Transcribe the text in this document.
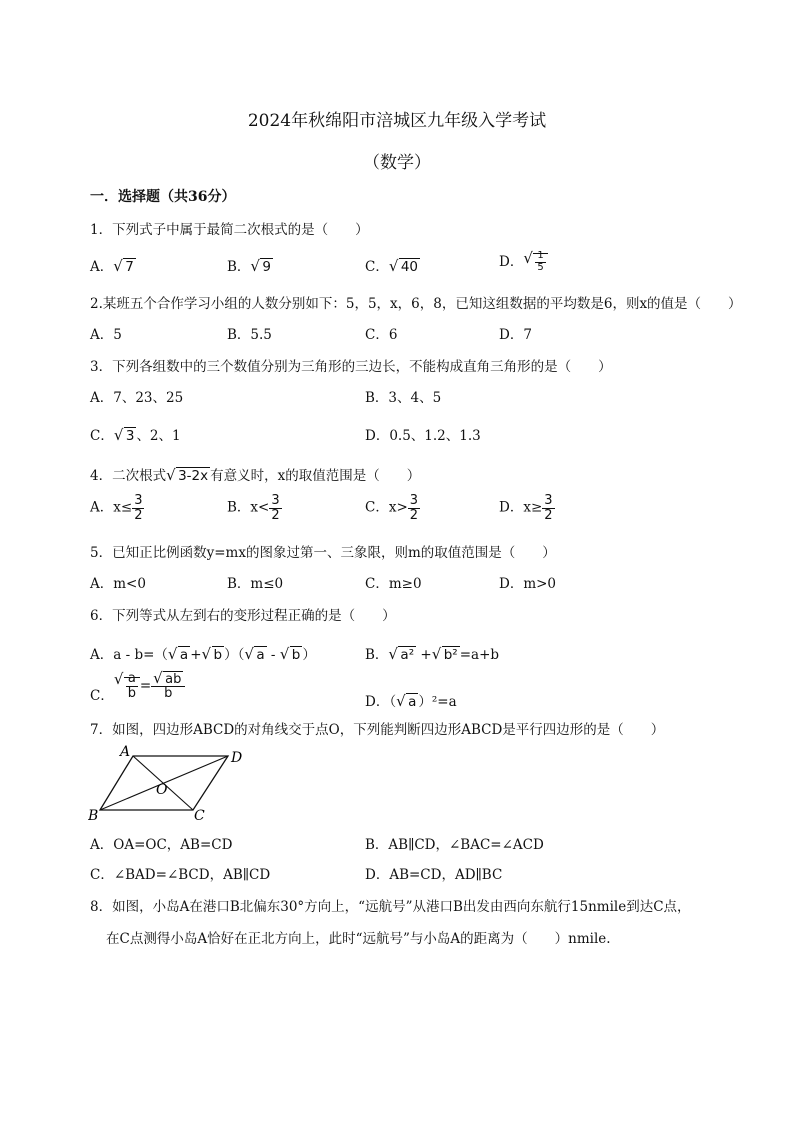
2024年秋绵阳市涪城区九年级入学考试
（数学）
一．选择题（共36分）
1．下列式子中属于最简二次根式的是（　　）
A． √ 7	B． √ 9	C． √ 40	D． √ $\frac{1}{5}$
2.某班五个合作学习小组的人数分别如下：5，5，x，6，8，已知这组数据的平均数是6，则x的值是（　　）
A．5	B．5.5	C．6	D．7
3．下列各组数中的三个数值分别为三角形的三边长，不能构成直角三角形的是（　　）
A．7、23、25	B．3、4、5
C． √ 3 、2、1	D．0.5、1.2、1.3
4．二次根式 √ 3-2x 有意义时，x的取值范围是（　　）
A．$x\le \frac{3}{2}$	B．$x< \frac{3}{2}$	C．$x> \frac{3}{2}$	D．$x\ge \frac{3}{2}$
5．已知正比例函数y=mx的图象过第一、三象限，则m的取值范围是（　　）
A．m<0	B．m≤0	C．m≥0	D．m>0
6．下列等式从左到右的变形过程正确的是（　　）
A．a - b=（ √ a + √ b ）（ √ a - √ b ）	B． √ a² + √ b² =a+b
C． √ $\frac{a}{b}$ = √ $\frac{ab}{b}$
D．（ √ a ）²=a
7．如图，四边形ABCD的对角线交于点O，下列能判断四边形ABCD是平行四边形的是（　　）
A	D
B	C
O
A．OA=OC，AB=CD	B．AB∥CD，∠BAC=∠ACD
C．∠BAD=∠BCD，AB∥CD	D．AB=CD，AD∥BC
8．如图，小岛A在港口B北偏东30°方向上，“远航号”从港口B出发由西向东航行15nmile到达C点，
在C点测得小岛A恰好在正北方向上，此时“远航号”与小岛A的距离为（　　）nmile.
